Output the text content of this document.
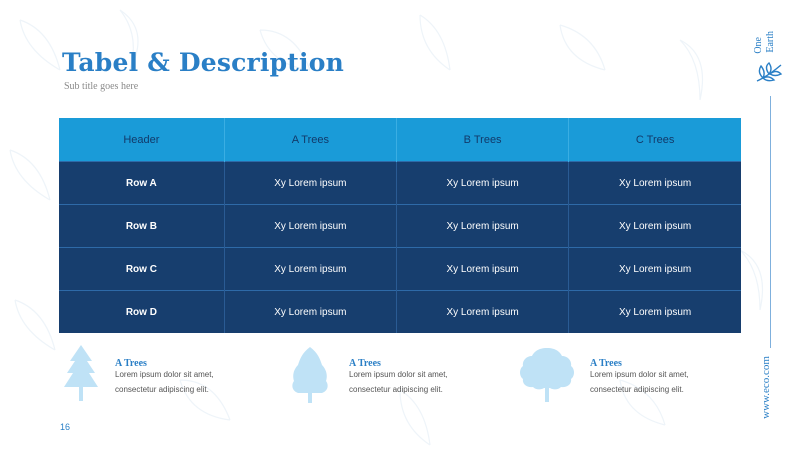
Tabel & Description
Sub title goes here
One Earth
www.eco.com
Header	A Trees	B Trees	C Trees
Row A	Xy Lorem ipsum	Xy Lorem ipsum	Xy Lorem ipsum
Row B	Xy Lorem ipsum	Xy Lorem ipsum	Xy Lorem ipsum
Row C	Xy Lorem ipsum	Xy Lorem ipsum	Xy Lorem ipsum
Row D	Xy Lorem ipsum	Xy Lorem ipsum	Xy Lorem ipsum
A Trees
Lorem ipsum dolor sit amet,
consectetur adipiscing elit.
A Trees
Lorem ipsum dolor sit amet,
consectetur adipiscing elit.
A Trees
Lorem ipsum dolor sit amet,
consectetur adipiscing elit.
16
